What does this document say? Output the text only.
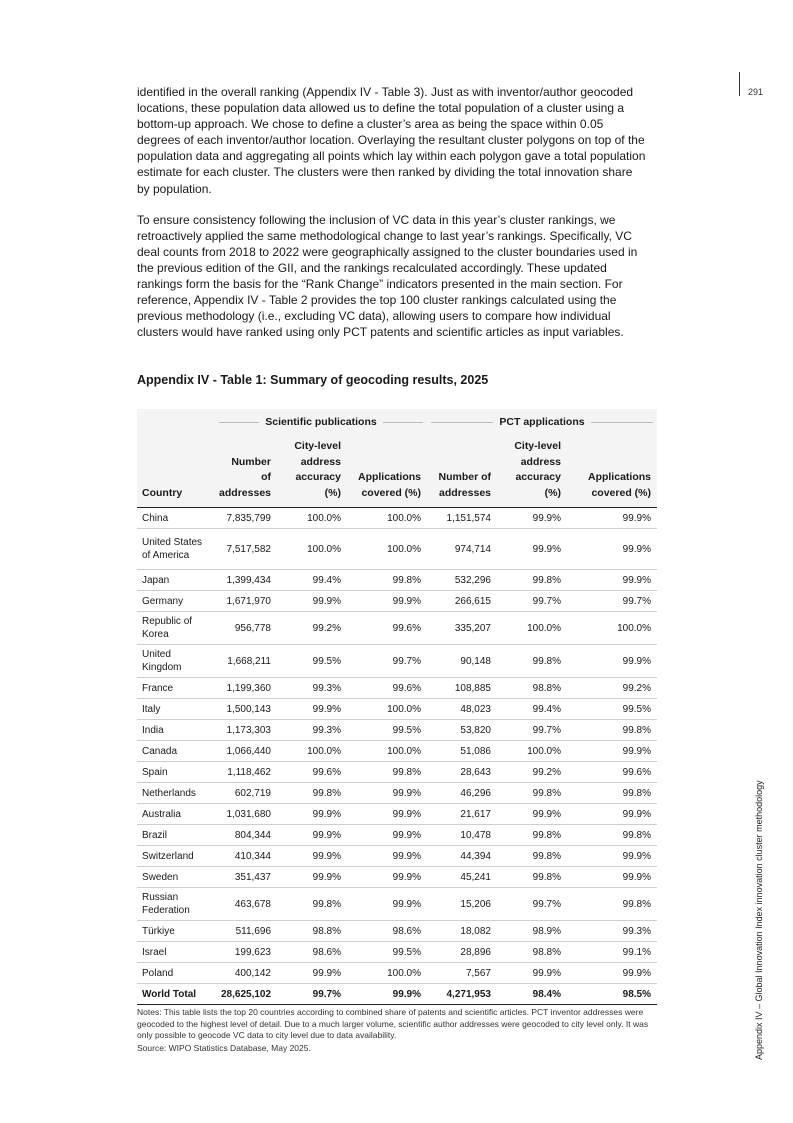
291
Appendix IV – Global Innovation Index innovation cluster methodology

identified in the overall ranking (Appendix IV - Table 3). Just as with inventor/author geocoded locations, these population data allowed us to define the total population of a cluster using a bottom-up approach. We chose to define a cluster’s area as being the space within 0.05 degrees of each inventor/author location. Overlaying the resultant cluster polygons on top of the population data and aggregating all points which lay within each polygon gave a total population estimate for each cluster. The clusters were then ranked by dividing the total innovation share by population.

To ensure consistency following the inclusion of VC data in this year’s cluster rankings, we retroactively applied the same methodological change to last year’s rankings. Specifically, VC deal counts from 2018 to 2022 were geographically assigned to the cluster boundaries used in the previous edition of the GII, and the rankings recalculated accordingly. These updated rankings form the basis for the “Rank Change” indicators presented in the main section. For reference, Appendix IV - Table 2 provides the top 100 cluster rankings calculated using the previous methodology (i.e., excluding VC data), allowing users to compare how individual clusters would have ranked using only PCT patents and scientific articles as input variables.

Appendix IV - Table 1: Summary of geocoding results, 2025

	Scientific publications			PCT applications		

Country	Number of addresses	City-level address accuracy (%)	Applications covered (%)	Number of addresses	City-level address accuracy (%)	Applications covered (%)
China	7,835,799	100.0%	100.0%	1,151,574	99.9%	99.9%
United States of America	7,517,582	100.0%	100.0%	974,714	99.9%	99.9%
Japan	1,399,434	99.4%	99.8%	532,296	99.8%	99.9%
Germany	1,671,970	99.9%	99.9%	266,615	99.7%	99.7%
Republic of Korea	956,778	99.2%	99.6%	335,207	100.0%	100.0%
United Kingdom	1,668,211	99.5%	99.7%	90,148	99.8%	99.9%
France	1,199,360	99.3%	99.6%	108,885	98.8%	99.2%
Italy	1,500,143	99.9%	100.0%	48,023	99.4%	99.5%
India	1,173,303	99.3%	99.5%	53,820	99.7%	99.8%
Canada	1,066,440	100.0%	100.0%	51,086	100.0%	99.9%
Spain	1,118,462	99.6%	99.8%	28,643	99.2%	99.6%
Netherlands	602,719	99.8%	99.9%	46,296	99.8%	99.8%
Australia	1,031,680	99.9%	99.9%	21,617	99.9%	99.9%
Brazil	804,344	99.9%	99.9%	10,478	99.8%	99.8%
Switzerland	410,344	99.9%	99.9%	44,394	99.8%	99.9%
Sweden	351,437	99.9%	99.9%	45,241	99.8%	99.9%
Russian Federation	463,678	99.8%	99.9%	15,206	99.7%	99.8%
Türkiye	511,696	98.8%	98.6%	18,082	98.9%	99.3%
Israel	199,623	98.6%	99.5%	28,896	98.8%	99.1%
Poland	400,142	99.9%	100.0%	7,567	99.9%	99.9%
World Total	28,625,102	99.7%	99.9%	4,271,953	98.4%	98.5%
Notes: This table lists the top 20 countries according to combined share of patents and scientific articles. PCT inventor addresses were geocoded to the highest level of detail. Due to a much larger volume, scientific author addresses were geocoded to city level only. It was only possible to geocode VC data to city level due to data availability.
Source: WIPO Statistics Database, May 2025.
